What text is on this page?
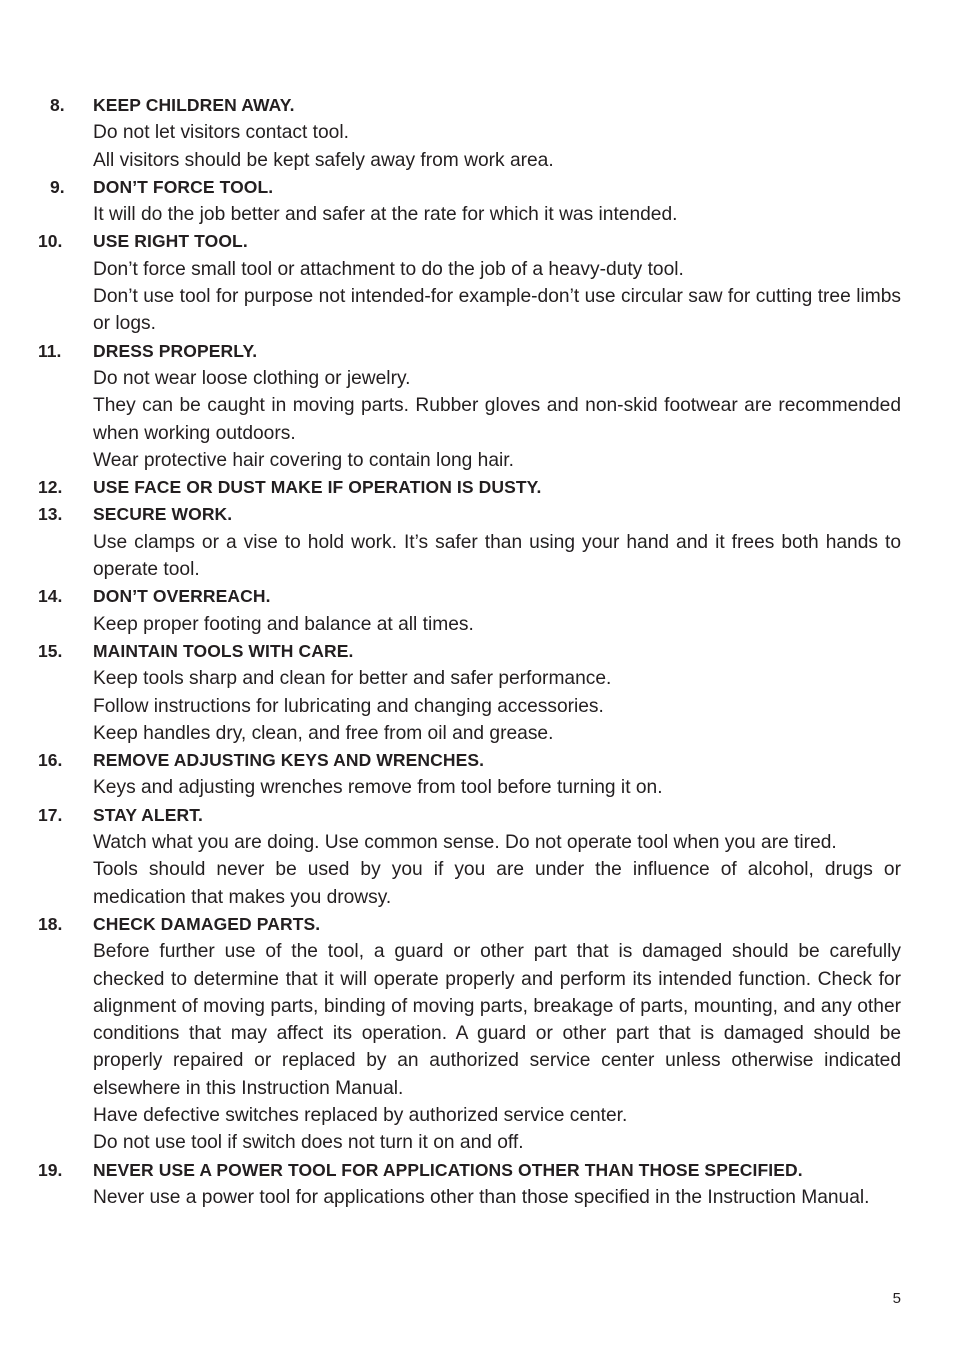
8.	KEEP CHILDREN AWAY.
Do not let visitors contact tool.
All visitors should be kept safely away from work area.
9.	DON’T FORCE TOOL.
It will do the job better and safer at the rate for which it was intended.
10.	USE RIGHT TOOL.
Don’t force small tool or attachment to do the job of a heavy-duty tool.
Don’t use tool for purpose not intended-for example-don’t use circular saw for cutting tree limbs or logs.
11.	DRESS PROPERLY.
Do not wear loose clothing or jewelry.
They can be caught in moving parts. Rubber gloves and non-skid footwear are recommended when working outdoors.
Wear protective hair covering to contain long hair.
12.	USE FACE OR DUST MAKE IF OPERATION IS DUSTY.
13.	SECURE WORK.
Use clamps or a vise to hold work. It’s safer than using your hand and it frees both hands to operate tool.
14.	DON’T OVERREACH.
Keep proper footing and balance at all times.
15.	MAINTAIN TOOLS WITH CARE.
Keep tools sharp and clean for better and safer performance.
Follow instructions for lubricating and changing accessories.
Keep handles dry, clean, and free from oil and grease.
16.	REMOVE ADJUSTING KEYS AND WRENCHES.
Keys and adjusting wrenches remove from tool before turning it on.
17.	STAY ALERT.
Watch what you are doing. Use common sense. Do not operate tool when you are tired.
Tools should never be used by you if you are under the influence of alcohol, drugs or medication that makes you drowsy.
18.	CHECK DAMAGED PARTS.
Before further use of the tool, a guard or other part that is damaged should be carefully checked to determine that it will operate properly and perform its intended function. Check for alignment of moving parts, binding of moving parts, breakage of parts, mounting, and any other conditions that may affect its operation. A guard or other part that is damaged should be properly repaired or replaced by an authorized service center unless otherwise indicated elsewhere in this Instruction Manual.
Have defective switches replaced by authorized service center.
Do not use tool if switch does not turn it on and off.
19.	NEVER USE A POWER TOOL FOR APPLICATIONS OTHER THAN THOSE SPECIFIED.
Never use a power tool for applications other than those specified in the Instruction Manual.
5
